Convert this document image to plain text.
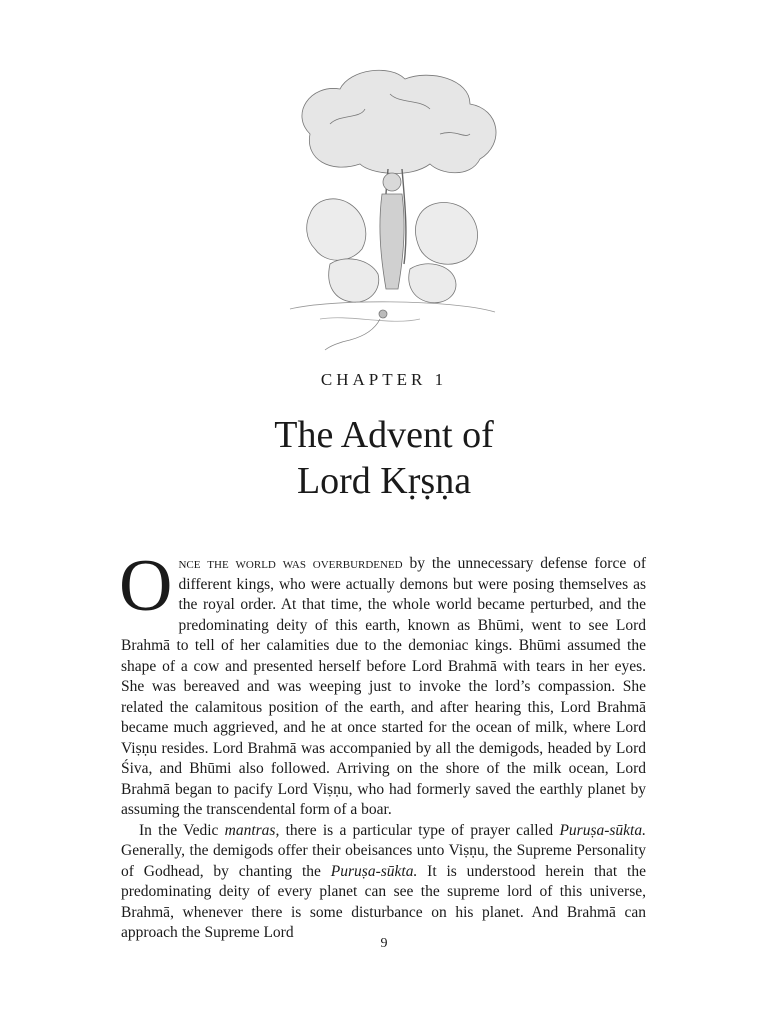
CHAPTER 1
The Advent of
Lord Kṛṣṇa

Once the world was overburdened by the unnecessary defense force of different kings, who were actually demons but were posing themselves as the royal order. At that time, the whole world became perturbed, and the predominating deity of this earth, known as Bhūmi, went to see Lord Brahmā to tell of her calamities due to the demoniac kings. Bhūmi assumed the shape of a cow and presented herself before Lord Brahmā with tears in her eyes. She was bereaved and was weeping just to invoke the lord’s compassion. She related the calamitous position of the earth, and after hearing this, Lord Brahmā became much aggrieved, and he at once started for the ocean of milk, where Lord Viṣṇu resides. Lord Brahmā was accompanied by all the demigods, headed by Lord Śiva, and Bhūmi also followed. Arriving on the shore of the milk ocean, Lord Brahmā began to pacify Lord Viṣṇu, who had formerly saved the earthly planet by assuming the transcendental form of a boar.

In the Vedic mantras, there is a particular type of prayer called Puruṣa-sūkta. Generally, the demigods offer their obeisances unto Viṣṇu, the Supreme Personality of Godhead, by chanting the Puruṣa-sūkta. It is understood herein that the predominating deity of every planet can see the supreme lord of this universe, Brahmā, whenever there is some disturbance on his planet. And Brahmā can approach the Supreme Lord

9
